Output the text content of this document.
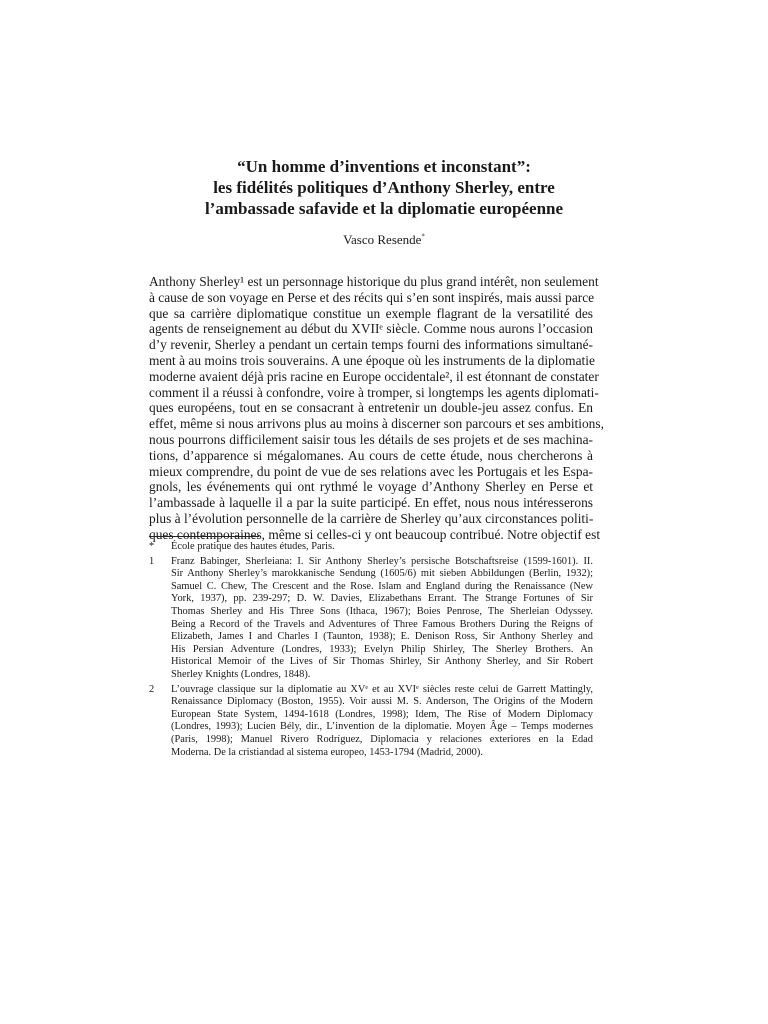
“Un homme d’inventions et inconstant”:
les fidélités politiques d’Anthony Sherley, entre
l’ambassade safavide et la diplomatie européenne
Vasco Resende*
Anthony Sherley¹ est un personnage historique du plus grand intérêt, non seulement
à cause de son voyage en Perse et des récits qui s’en sont inspirés, mais aussi parce
que sa carrière diplomatique constitue un exemple flagrant de la versatilité des
agents de renseignement au début du XVIIᵉ siècle. Comme nous aurons l’occasion
d’y revenir, Sherley a pendant un certain temps fourni des informations simultané-
ment à au moins trois souverains. A une époque où les instruments de la diplomatie
moderne avaient déjà pris racine en Europe occidentale², il est étonnant de constater
comment il a réussi à confondre, voire à tromper, si longtemps les agents diplomati-
ques européens, tout en se consacrant à entretenir un double-jeu assez confus. En
effet, même si nous arrivons plus au moins à discerner son parcours et ses ambitions,
nous pourrons difficilement saisir tous les détails de ses projets et de ses machina-
tions, d’apparence si mégalomanes. Au cours de cette étude, nous chercherons à
mieux comprendre, du point de vue de ses relations avec les Portugais et les Espa-
gnols, les événements qui ont rythmé le voyage d’Anthony Sherley en Perse et
l’ambassade à laquelle il a par la suite participé. En effet, nous nous intéresserons
plus à l’évolution personnelle de la carrière de Sherley qu’aux circonstances politi-
ques contemporaines, même si celles-ci y ont beaucoup contribué. Notre objectif est
* École pratique des hautes études, Paris.
1 Franz Babinger, Sherleiana: I. Sir Anthony Sherley’s persische Botschaftsreise (1599-1601). II.
Sir Anthony Sherley’s marokkanische Sendung (1605/6) mit sieben Abbildungen (Berlin, 1932);
Samuel C. Chew, The Crescent and the Rose. Islam and England during the Renaissance (New
York, 1937), pp. 239-297; D. W. Davies, Elizabethans Errant. The Strange Fortunes of Sir
Thomas Sherley and His Three Sons (Ithaca, 1967); Boies Penrose, The Sherleian Odyssey.
Being a Record of the Travels and Adventures of Three Famous Brothers During the Reigns of
Elizabeth, James I and Charles I (Taunton, 1938); E. Denison Ross, Sir Anthony Sherley and
His Persian Adventure (Londres, 1933); Evelyn Philip Shirley, The Sherley Brothers. An
Historical Memoir of the Lives of Sir Thomas Shirley, Sir Anthony Sherley, and Sir Robert
Sherley Knights (Londres, 1848).
2 L’ouvrage classique sur la diplomatie au XVᵉ et au XVIᵉ siècles reste celui de Garrett Mattingly,
Renaissance Diplomacy (Boston, 1955). Voir aussi M. S. Anderson, The Origins of the Modern
European State System, 1494-1618 (Londres, 1998); Idem, The Rise of Modern Diplomacy
(Londres, 1993); Lucien Bély, dir., L’invention de la diplomatie. Moyen Âge – Temps modernes
(Paris, 1998); Manuel Rivero Rodríguez, Diplomacia y relaciones exteriores en la Edad
Moderna. De la cristiandad al sistema europeo, 1453-1794 (Madrid, 2000).
